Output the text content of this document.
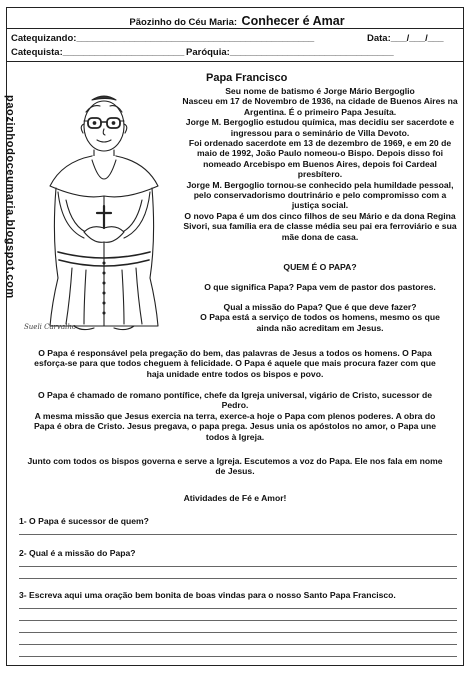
Pãozinho do Céu Maria: Conhecer é Amar
Catequizando:_____________________________________________	Data:___/___/___
Catequista:_______________________ Paróquia:_______________________________
paozinhodoceumaria.blogspot.com
Sueli Carvalho
Papa Francisco
Seu nome de batismo é Jorge Mário Bergoglio
Nasceu em 17 de Novembro de 1936, na cidade de Buenos Aires na
Argentina. É o primeiro Papa Jesuíta.
Jorge M. Bergoglio estudou química, mas decidiu ser sacerdote e
ingressou para o seminário de Villa Devoto.
Foi ordenado sacerdote em 13 de dezembro de 1969, e em 20 de
maio de 1992, João Paulo nomeou-o Bispo. Depois disso foi
nomeado Arcebispo em Buenos Aires, depois foi Cardeal
presbítero.
Jorge M. Bergoglio tornou-se conhecido pela humildade pessoal,
pelo conservadorismo doutrinário e pelo compromisso com a
justiça social.
O novo Papa é um dos cinco filhos de seu Mário e da dona Regina
Sivori, sua família era de classe média seu pai era ferroviário e sua
mãe dona de casa.
QUEM É O PAPA?
O que significa Papa? Papa vem de pastor dos pastores.
Qual a missão do Papa? Que é que deve fazer?
O Papa está a serviço de todos os homens, mesmo os que
ainda não acreditam em Jesus.
O Papa é responsável pela pregação do bem, das palavras de Jesus a todos os homens. O Papa
esforça-se para que todos cheguem à felicidade. O Papa é aquele que mais procura fazer com que
haja unidade entre todos os bispos e povo.
O Papa é chamado de romano pontífice, chefe da Igreja universal, vigário de Cristo, sucessor de
Pedro.
A mesma missão que Jesus exercia na terra, exerce-a hoje o Papa com plenos poderes. A obra do
Papa é obra de Cristo. Jesus pregava, o papa prega. Jesus unia os apóstolos no amor, o Papa une
todos à Igreja.
Junto com todos os bispos governa e serve a Igreja. Escutemos a voz do Papa. Ele nos fala em nome
de Jesus.
Atividades de Fé e Amor!
1- O Papa é sucessor de quem?
2- Qual é a missão do Papa?
3- Escreva aqui uma oração bem bonita de boas vindas para o nosso Santo Papa Francisco.
